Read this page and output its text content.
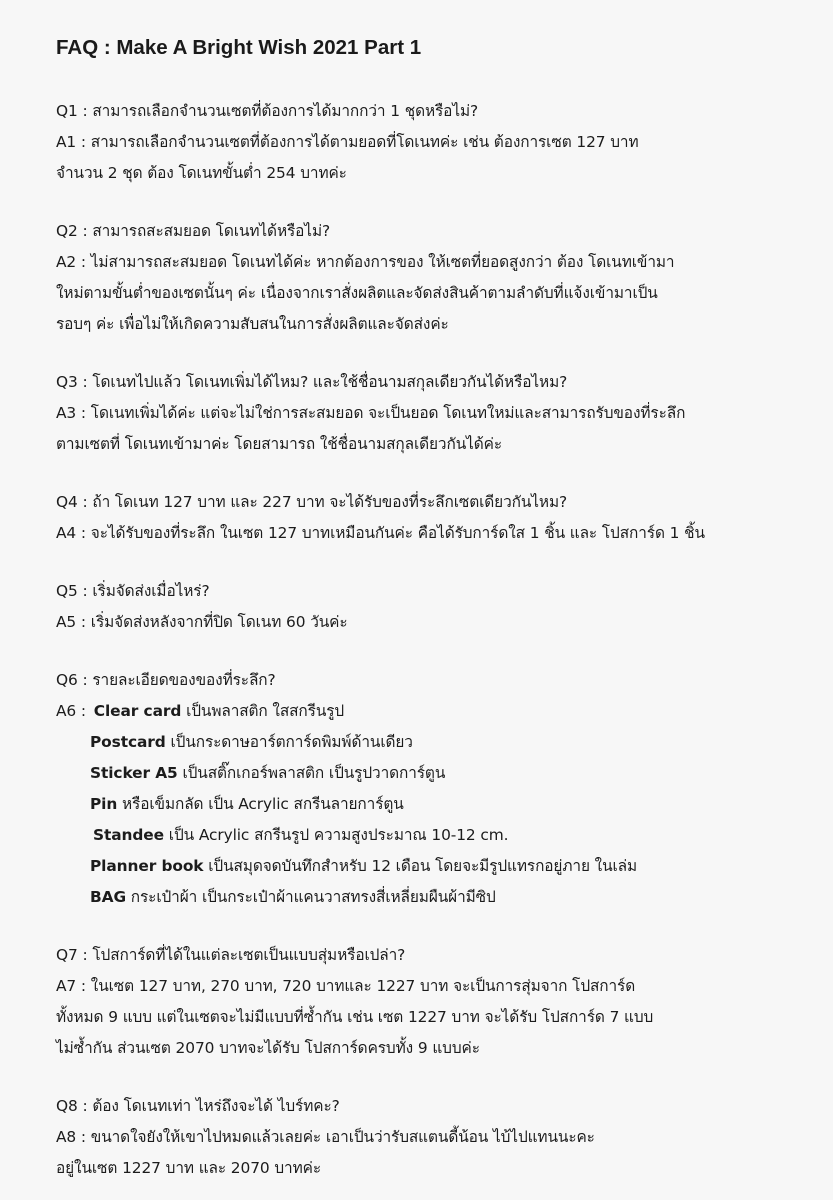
FAQ : Make A Bright Wish 2021 Part 1
Q1 : สามารถเลือกจำนวนเซตที่ต้องการได้มากกว่า 1 ชุดหรือไม่?
A1 : สามารถเลือกจำนวนเซตที่ต้องการได้ตามยอดที่โดเนทค่ะ เช่น ต้องการเซต 127 บาท
จำนวน 2 ชุด ต้อง โดเนทขั้นต่ำ 254 บาทค่ะ
Q2 : สามารถสะสมยอด โดเนทได้หรือไม่?
A2 : ไม่สามารถสะสมยอด โดเนทได้ค่ะ หากต้องการของ ให้เซตที่ยอดสูงกว่า ต้อง โดเนทเข้ามา
ใหม่ตามขั้นต่ำของเซตนั้นๆ ค่ะ เนื่องจากเราสั่งผลิตและจัดส่งสินค้าตามลำดับที่แจ้งเข้ามาเป็น
รอบๆ ค่ะ เพื่อไม่ให้เกิดความสับสนในการสั่งผลิตและจัดส่งค่ะ
Q3 : โดเนทไปแล้ว โดเนทเพิ่มได้ไหม? และใช้ชื่อนามสกุลเดียวกันได้หรือไหม?
A3 : โดเนทเพิ่มได้ค่ะ แต่จะไม่ใช่การสะสมยอด จะเป็นยอด โดเนทใหม่และสามารถรับของที่ระลึก
ตามเซตที่ โดเนทเข้ามาค่ะ โดยสามารถ ใช้ชื่อนามสกุลเดียวกันได้ค่ะ
Q4 : ถ้า โดเนท 127 บาท และ 227 บาท จะได้รับของที่ระลึกเซตเดียวกันไหม?
A4 : จะได้รับของที่ระลึก ในเซต 127 บาทเหมือนกันค่ะ คือได้รับการ์ดใส 1 ชิ้น และ โปสการ์ด 1 ชิ้น
Q5 : เริ่มจัดส่งเมื่อไหร่?
A5 : เริ่มจัดส่งหลังจากที่ปิด โดเนท 60 วันค่ะ
Q6 : รายละเอียดของของที่ระลึก?
A6 : Clear card เป็นพลาสติก ใสสกรีนรูป
Postcard เป็นกระดาษอาร์ตการ์ดพิมพ์ด้านเดียว
Sticker A5 เป็นสติ๊กเกอร์พลาสติก เป็นรูปวาดการ์ตูน
Pin หรือเข็มกลัด เป็น Acrylic สกรีนลายการ์ตูน
Standee เป็น Acrylic สกรีนรูป ความสูงประมาณ 10-12 cm.
Planner book เป็นสมุดจดบันทึกสำหรับ 12 เดือน โดยจะมีรูปแทรกอยู่ภาย ในเล่ม
BAG กระเป๋าผ้า เป็นกระเป๋าผ้าแคนวาสทรงสี่เหลี่ยมผืนผ้ามีซิป
Q7 : โปสการ์ดที่ได้ในแต่ละเซตเป็นแบบสุ่มหรือเปล่า?
A7 : ในเซต 127 บาท, 270 บาท, 720 บาทและ 1227 บาท จะเป็นการสุ่มจาก โปสการ์ด
ทั้งหมด 9 แบบ แต่ในเซตจะไม่มีแบบที่ซ้ำกัน เช่น เซต 1227 บาท จะได้รับ โปสการ์ด 7 แบบ
ไม่ซ้ำกัน ส่วนเซต 2070 บาทจะได้รับ โปสการ์ดครบทั้ง 9 แบบค่ะ
Q8 : ต้อง โดเนทเท่า ไหร่ถึงจะได้ ไบร์ทคะ?
A8 : ขนาดใจยังให้เขาไปหมดแล้วเลยค่ะ เอาเป็นว่ารับสแตนดี้น้อน ไบ้ไปแทนนะคะ
อยู่ในเซต 1227 บาท และ 2070 บาทค่ะ
